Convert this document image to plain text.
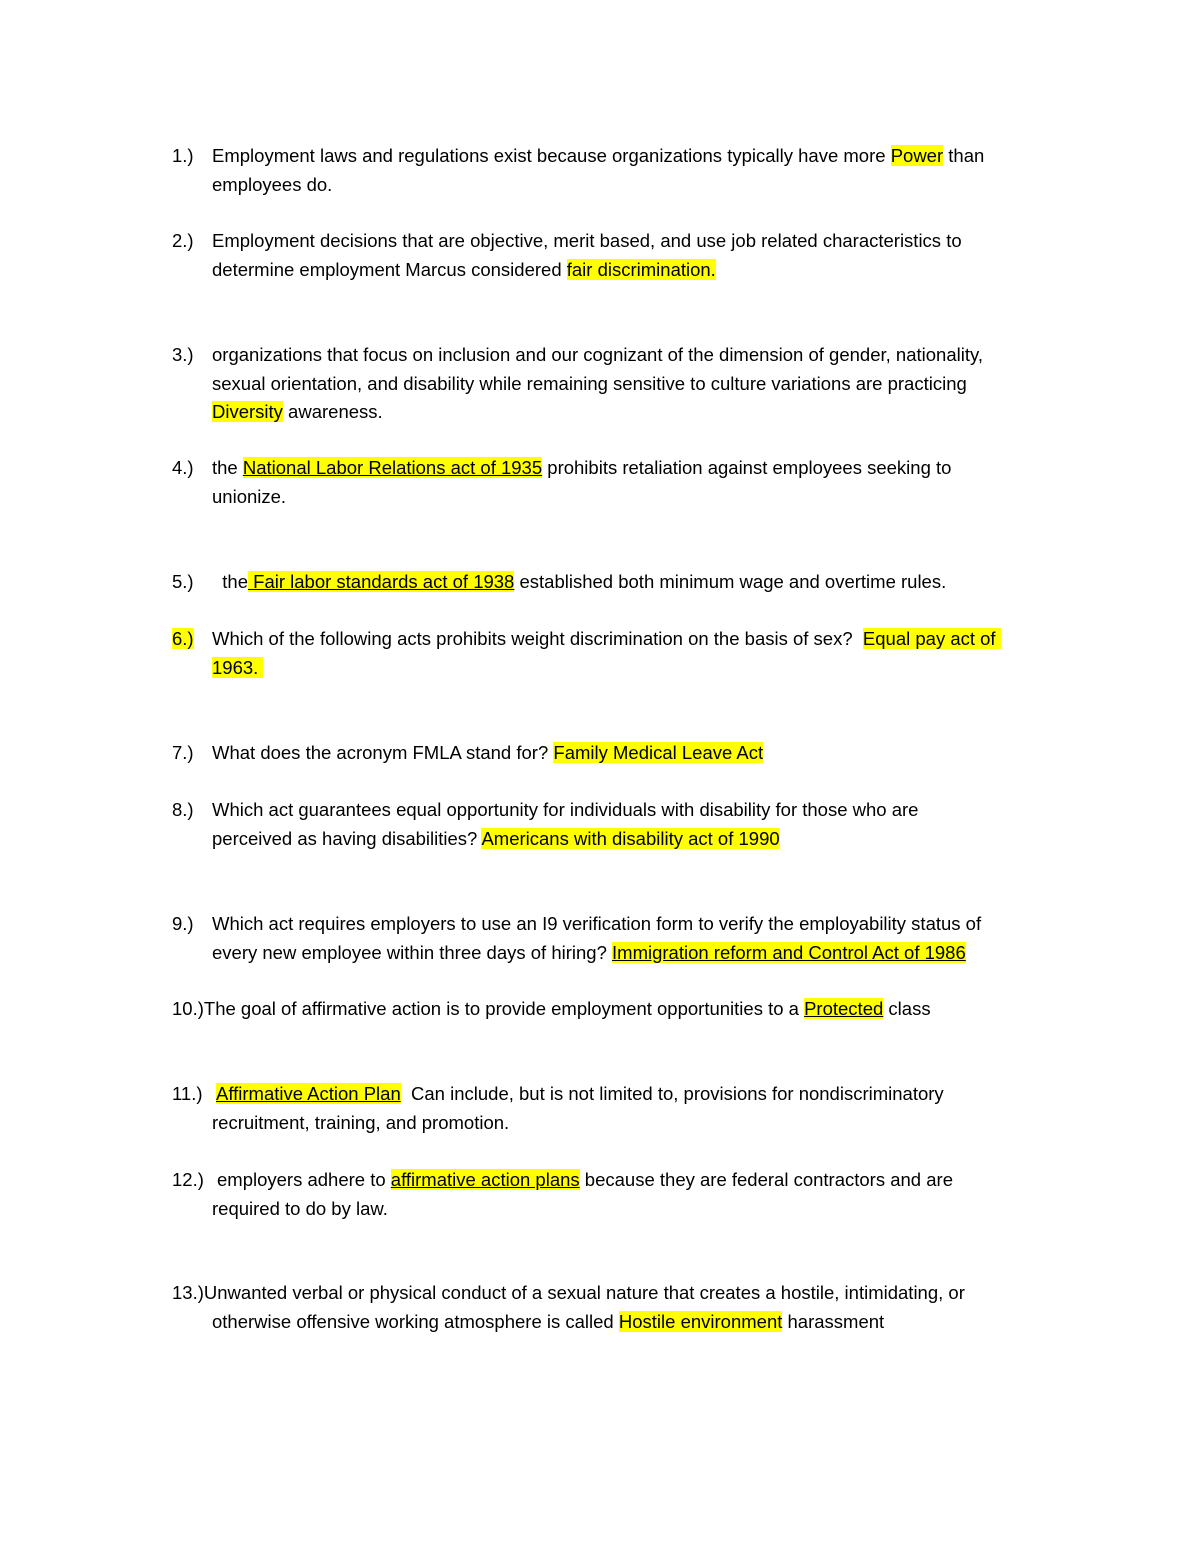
1.) Employment laws and regulations exist because organizations typically have more Power than
employees do.
2.) Employment decisions that are objective, merit based, and use job related characteristics to
determine employment Marcus considered fair discrimination.
3.) organizations that focus on inclusion and our cognizant of the dimension of gender, nationality,
sexual orientation, and disability while remaining sensitive to culture variations are practicing
Diversity awareness.
4.) the National Labor Relations act of 1935 prohibits retaliation against employees seeking to
unionize.
5.) the Fair labor standards act of 1938 established both minimum wage and overtime rules.
6.) Which of the following acts prohibits weight discrimination on the basis of sex?  Equal pay act of
1963.
7.) What does the acronym FMLA stand for? Family Medical Leave Act
8.) Which act guarantees equal opportunity for individuals with disability for those who are
perceived as having disabilities? Americans with disability act of 1990
9.) Which act requires employers to use an I9 verification form to verify the employability status of
every new employee within three days of hiring? Immigration reform and Control Act of 1986
10.) The goal of affirmative action is to provide employment opportunities to a Protected class
11.) Affirmative Action Plan  Can include, but is not limited to, provisions for nondiscriminatory
recruitment, training, and promotion.
12.) employers adhere to affirmative action plans because they are federal contractors and are
required to do by law.
13.) Unwanted verbal or physical conduct of a sexual nature that creates a hostile, intimidating, or
otherwise offensive working atmosphere is called Hostile environment harassment
